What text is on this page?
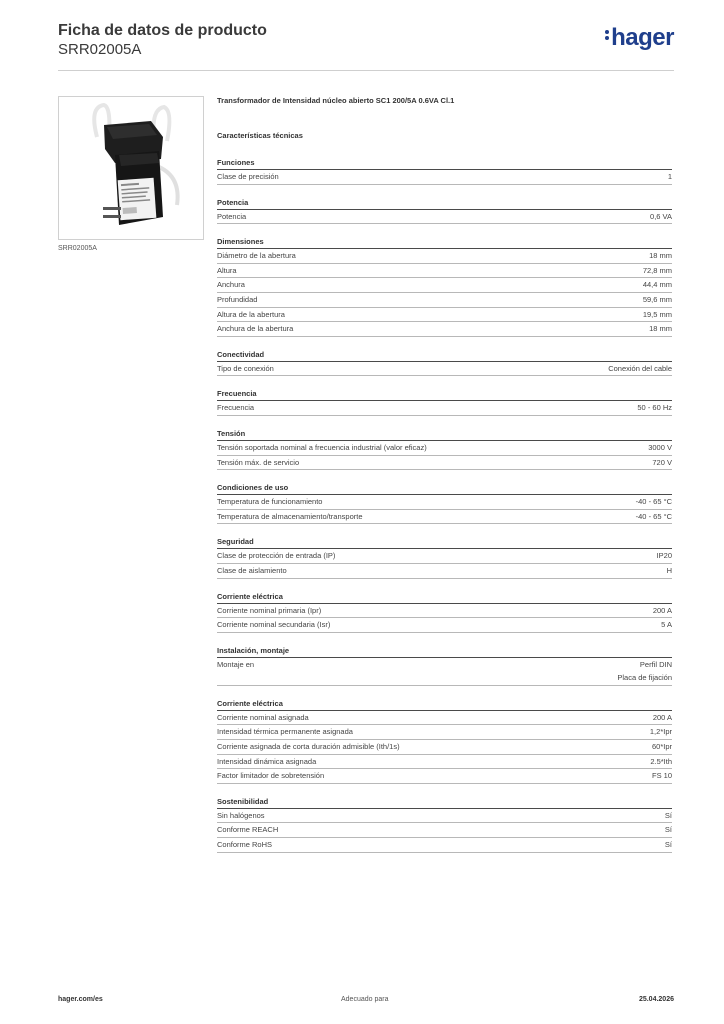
Ficha de datos de producto
SRR02005A	hager
SRR02005A
Transformador de Intensidad núcleo abierto SC1 200/5A 0.6VA Cl.1
Características técnicas
Funciones
Clase de precisión	1
Potencia
Potencia	0,6 VA
Dimensiones
Diámetro de la abertura	18 mm
Altura	72,8 mm
Anchura	44,4 mm
Profundidad	59,6 mm
Altura de la abertura	19,5 mm
Anchura de la abertura	18 mm
Conectividad
Tipo de conexión	Conexión del cable
Frecuencia
Frecuencia	50 - 60 Hz
Tensión
Tensión soportada nominal a frecuencia industrial (valor eficaz)	3000 V
Tensión máx. de servicio	720 V
Condiciones de uso
Temperatura de funcionamiento	-40 - 65 °C
Temperatura de almacenamiento/transporte	-40 - 65 °C
Seguridad
Clase de protección de entrada (IP)	IP20
Clase de aislamiento	H
Corriente eléctrica
Corriente nominal primaria (Ipr)	200 A
Corriente nominal secundaria (Isr)	5 A
Instalación, montaje
Montaje en	Perfil DIN
Placa de fijación
Corriente eléctrica
Corriente nominal asignada	200 A
Intensidad térmica permanente asignada	1,2*Ipr
Corriente asignada de corta duración admisible (Ith/1s)	60*Ipr
Intensidad dinámica asignada	2.5*Ith
Factor limitador de sobretensión	FS 10
Sostenibilidad
Sin halógenos	Sí
Conforme REACH	Sí
Conforme RoHS	Sí
hager.com/es	Adecuado para	25.04.2026
